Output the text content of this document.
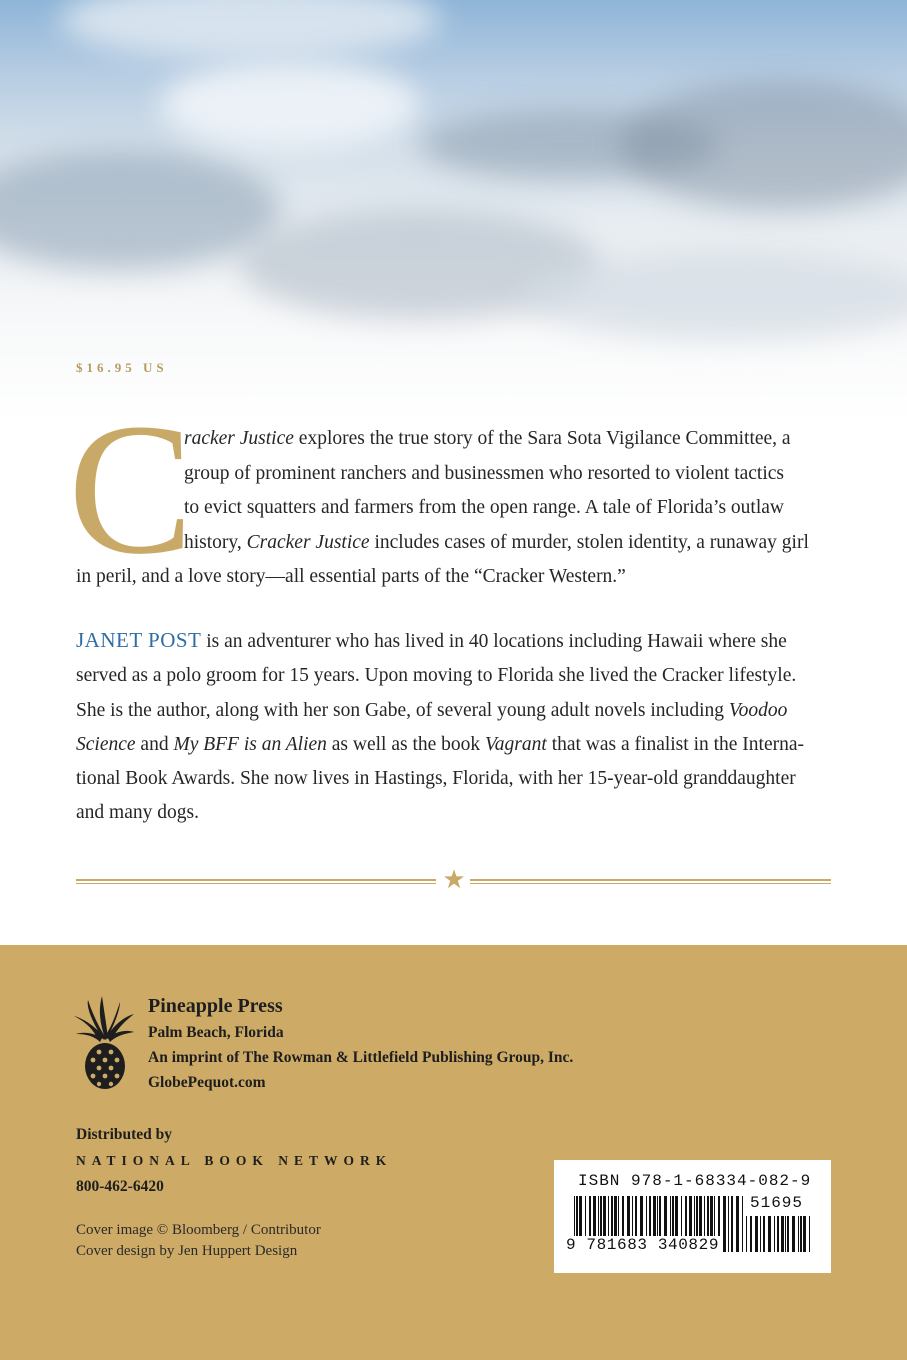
$16.95 US
C
racker Justice explores the true story of the Sara Sota Vigilance Committee, a
group of prominent ranchers and businessmen who resorted to violent tactics
to evict squatters and farmers from the open range. A tale of Florida’s outlaw
history, Cracker Justice includes cases of murder, stolen identity, a runaway girl
in peril, and a love story—all essential parts of the “Cracker Western.”
JANET POST is an adventurer who has lived in 40 locations including Hawaii where she
served as a polo groom for 15 years. Upon moving to Florida she lived the Cracker lifestyle.
She is the author, along with her son Gabe, of several young adult novels including Voodoo
Science and My BFF is an Alien as well as the book Vagrant that was a finalist in the Interna-
tional Book Awards. She now lives in Hastings, Florida, with her 15-year-old granddaughter
and many dogs.
★
Pineapple Press
Palm Beach, Florida
An imprint of The Rowman & Littlefield Publishing Group, Inc.
GlobePequot.com
Distributed by
NATIONAL BOOK NETWORK
800-462-6420
Cover image © Bloomberg / Contributor
Cover design by Jen Huppert Design
ISBN 978-1-68334-082-9
51695
9 781683 340829
